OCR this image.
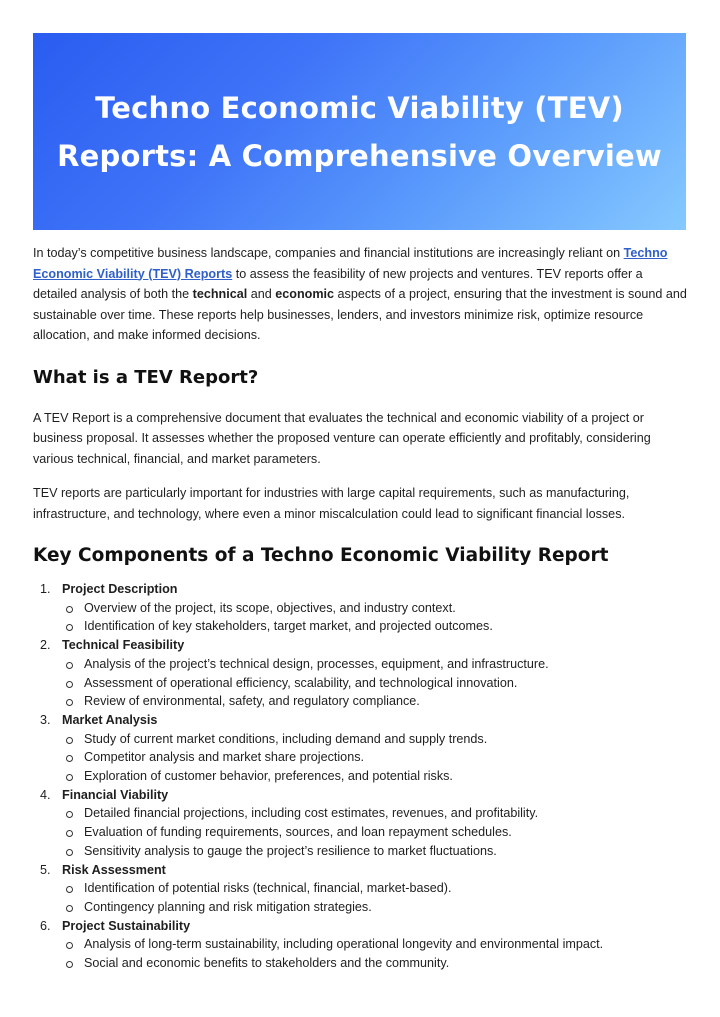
Techno Economic Viability (TEV)
Reports: A Comprehensive Overview

In today’s competitive business landscape, companies and financial institutions are increasingly reliant on Techno Economic Viability (TEV) Reports to assess the feasibility of new projects and ventures. TEV reports offer a detailed analysis of both the technical and economic aspects of a project, ensuring that the investment is sound and sustainable over time. These reports help businesses, lenders, and investors minimize risk, optimize resource allocation, and make informed decisions.

What is a TEV Report?

A TEV Report is a comprehensive document that evaluates the technical and economic viability of a project or business proposal. It assesses whether the proposed venture can operate efficiently and profitably, considering various technical, financial, and market parameters.

TEV reports are particularly important for industries with large capital requirements, such as manufacturing, infrastructure, and technology, where even a minor miscalculation could lead to significant financial losses.

Key Components of a Techno Economic Viability Report
1. Project Description
Overview of the project, its scope, objectives, and industry context.
Identification of key stakeholders, target market, and projected outcomes.
2. Technical Feasibility
Analysis of the project’s technical design, processes, equipment, and infrastructure.
Assessment of operational efficiency, scalability, and technological innovation.
Review of environmental, safety, and regulatory compliance.
3. Market Analysis
Study of current market conditions, including demand and supply trends.
Competitor analysis and market share projections.
Exploration of customer behavior, preferences, and potential risks.
4. Financial Viability
Detailed financial projections, including cost estimates, revenues, and profitability.
Evaluation of funding requirements, sources, and loan repayment schedules.
Sensitivity analysis to gauge the project’s resilience to market fluctuations.
5. Risk Assessment
Identification of potential risks (technical, financial, market-based).
Contingency planning and risk mitigation strategies.
6. Project Sustainability
Analysis of long-term sustainability, including operational longevity and environmental impact.
Social and economic benefits to stakeholders and the community.
